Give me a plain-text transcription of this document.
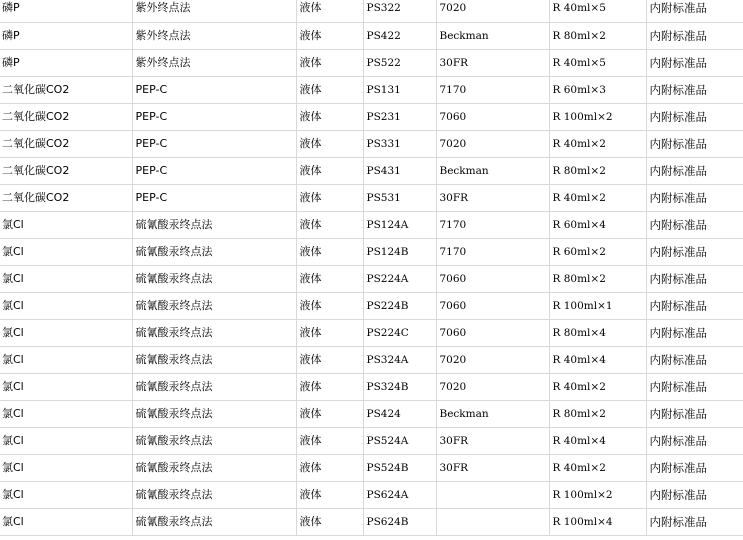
磷P	紫外终点法	液体	PS322	7020	R 40ml×5	内附标准品
磷P	紫外终点法	液体	PS422	Beckman	R 80ml×2	内附标准品
磷P	紫外终点法	液体	PS522	30FR	R 40ml×5	内附标准品
二氧化碳CO2	PEP-C	液体	PS131	7170	R 60ml×3	内附标准品
二氧化碳CO2	PEP-C	液体	PS231	7060	R 100ml×2	内附标准品
二氧化碳CO2	PEP-C	液体	PS331	7020	R 40ml×2	内附标准品
二氧化碳CO2	PEP-C	液体	PS431	Beckman	R 80ml×2	内附标准品
二氧化碳CO2	PEP-C	液体	PS531	30FR	R 40ml×2	内附标准品
氯Cl	硫氰酸汞终点法	液体	PS124A	7170	R 60ml×4	内附标准品
氯Cl	硫氰酸汞终点法	液体	PS124B	7170	R 60ml×2	内附标准品
氯Cl	硫氰酸汞终点法	液体	PS224A	7060	R 80ml×2	内附标准品
氯Cl	硫氰酸汞终点法	液体	PS224B	7060	R 100ml×1	内附标准品
氯Cl	硫氰酸汞终点法	液体	PS224C	7060	R 80ml×4	内附标准品
氯Cl	硫氰酸汞终点法	液体	PS324A	7020	R 40ml×4	内附标准品
氯Cl	硫氰酸汞终点法	液体	PS324B	7020	R 40ml×2	内附标准品
氯Cl	硫氰酸汞终点法	液体	PS424	Beckman	R 80ml×2	内附标准品
氯Cl	硫氰酸汞终点法	液体	PS524A	30FR	R 40ml×4	内附标准品
氯Cl	硫氰酸汞终点法	液体	PS524B	30FR	R 40ml×2	内附标准品
氯Cl	硫氰酸汞终点法	液体	PS624A		R 100ml×2	内附标准品
氯Cl	硫氰酸汞终点法	液体	PS624B		R 100ml×4	内附标准品
